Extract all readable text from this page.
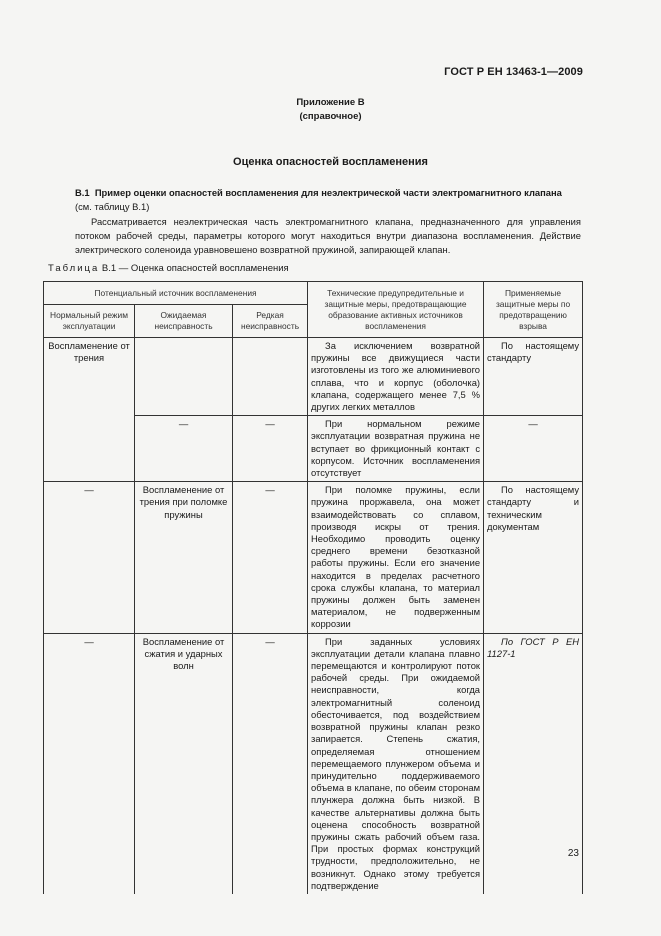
ГОСТ Р ЕН 13463-1—2009
Приложение В
(справочное)
Оценка опасностей воспламенения
В.1 Пример оценки опасностей воспламенения для неэлектрической части электромагнитного клапана (см. таблицу В.1)
Рассматривается неэлектрическая часть электромагнитного клапана, предназначенного для управления потоком рабочей среды, параметры которого могут находиться внутри диапазона воспламенения. Действие электрического соленоида уравновешено возвратной пружиной, запирающей клапан.
Таблица В.1 — Оценка опасностей воспламенения
Потенциальный источник воспламенения			Технические предупредительные и защитные меры, предотвращающие образование активных источников воспламенения	Применяемые защитные меры по предотвращению взрыва
Нормальный режим эксплуатации	Ожидаемая неисправность	Редкая неисправность		
Воспламенение от трения			За исключением возвратной пружины все движущиеся части изготовлены из того же алюминиевого сплава, что и корпус (оболочка) клапана, содержащего менее 7,5 % других легких металлов	По настоящему стандарту
	—	—	При нормальном режиме эксплуатации возвратная пружина не вступает во фрикционный контакт с корпусом. Источник воспламенения отсутствует	—
—	Воспламенение от трения при поломке пружины	—	При поломке пружины, если пружина проржавела, она может взаимодействовать со сплавом, производя искры от трения. Необходимо проводить оценку среднего времени безотказной работы пружины. Если его значение находится в пределах расчетного срока службы клапана, то материал пружины должен быть заменен материалом, не подверженным коррозии	По настоящему стандарту и техническим документам
—	Воспламенение от сжатия и ударных волн	—	При заданных условиях эксплуатации детали клапана плавно перемещаются и контролируют поток рабочей среды. При ожидаемой неисправности, когда электромагнитный соленоид обесточивается, под воздействием возвратной пружины клапан резко запирается. Степень сжатия, определяемая отношением перемещаемого плунжером объема и принудительно поддерживаемого объема в клапане, по обеим сторонам плунжера должна быть низкой. В качестве альтернативы должна быть оценена способность возвратной пружины сжать рабочий объем газа. При простых формах конструкций трудности, предположительно, не возникнут. Однако этому требуется подтверждение	По ГОСТ Р ЕН 1127-1
23
